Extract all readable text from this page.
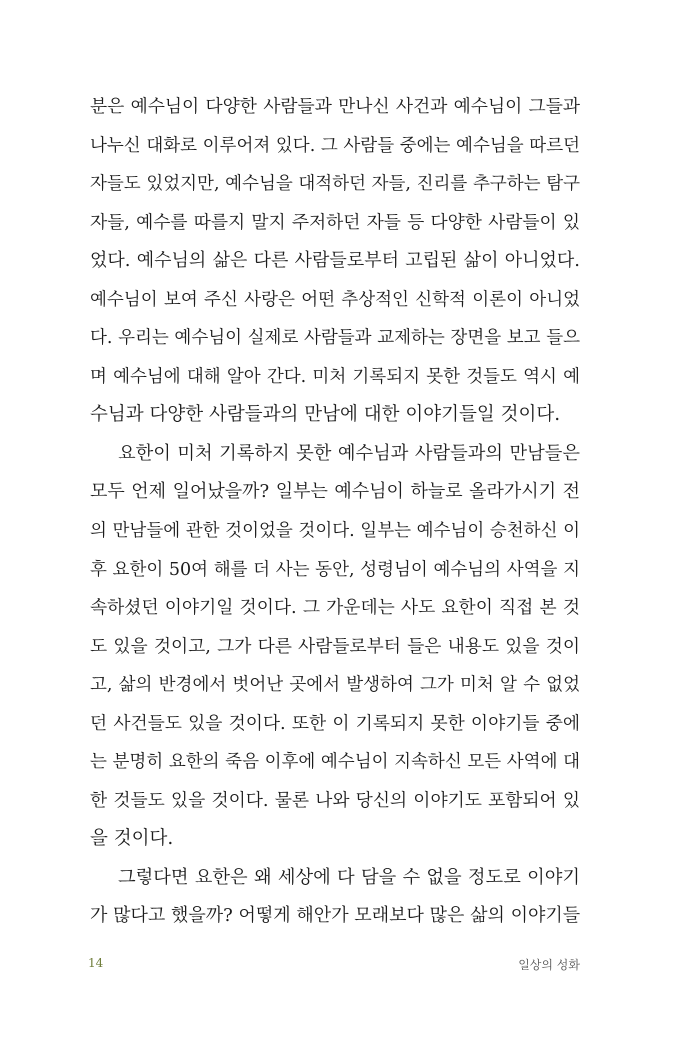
분은 예수님이 다양한 사람들과 만나신 사건과 예수님이 그들과
나누신 대화로 이루어져 있다. 그 사람들 중에는 예수님을 따르던
자들도 있었지만, 예수님을 대적하던 자들, 진리를 추구하는 탐구
자들, 예수를 따를지 말지 주저하던 자들 등 다양한 사람들이 있
었다. 예수님의 삶은 다른 사람들로부터 고립된 삶이 아니었다.
예수님이 보여 주신 사랑은 어떤 추상적인 신학적 이론이 아니었
다. 우리는 예수님이 실제로 사람들과 교제하는 장면을 보고 들으
며 예수님에 대해 알아 간다. 미처 기록되지 못한 것들도 역시 예
수님과 다양한 사람들과의 만남에 대한 이야기들일 것이다.
요한이 미처 기록하지 못한 예수님과 사람들과의 만남들은
모두 언제 일어났을까? 일부는 예수님이 하늘로 올라가시기 전
의 만남들에 관한 것이었을 것이다. 일부는 예수님이 승천하신 이
후 요한이 50여 해를 더 사는 동안, 성령님이 예수님의 사역을 지
속하셨던 이야기일 것이다. 그 가운데는 사도 요한이 직접 본 것
도 있을 것이고, 그가 다른 사람들로부터 들은 내용도 있을 것이
고, 삶의 반경에서 벗어난 곳에서 발생하여 그가 미처 알 수 없었
던 사건들도 있을 것이다. 또한 이 기록되지 못한 이야기들 중에
는 분명히 요한의 죽음 이후에 예수님이 지속하신 모든 사역에 대
한 것들도 있을 것이다. 물론 나와 당신의 이야기도 포함되어 있
을 것이다.
그렇다면 요한은 왜 세상에 다 담을 수 없을 정도로 이야기
가 많다고 했을까? 어떻게 해안가 모래보다 많은 삶의 이야기들
14	일상의 성화
